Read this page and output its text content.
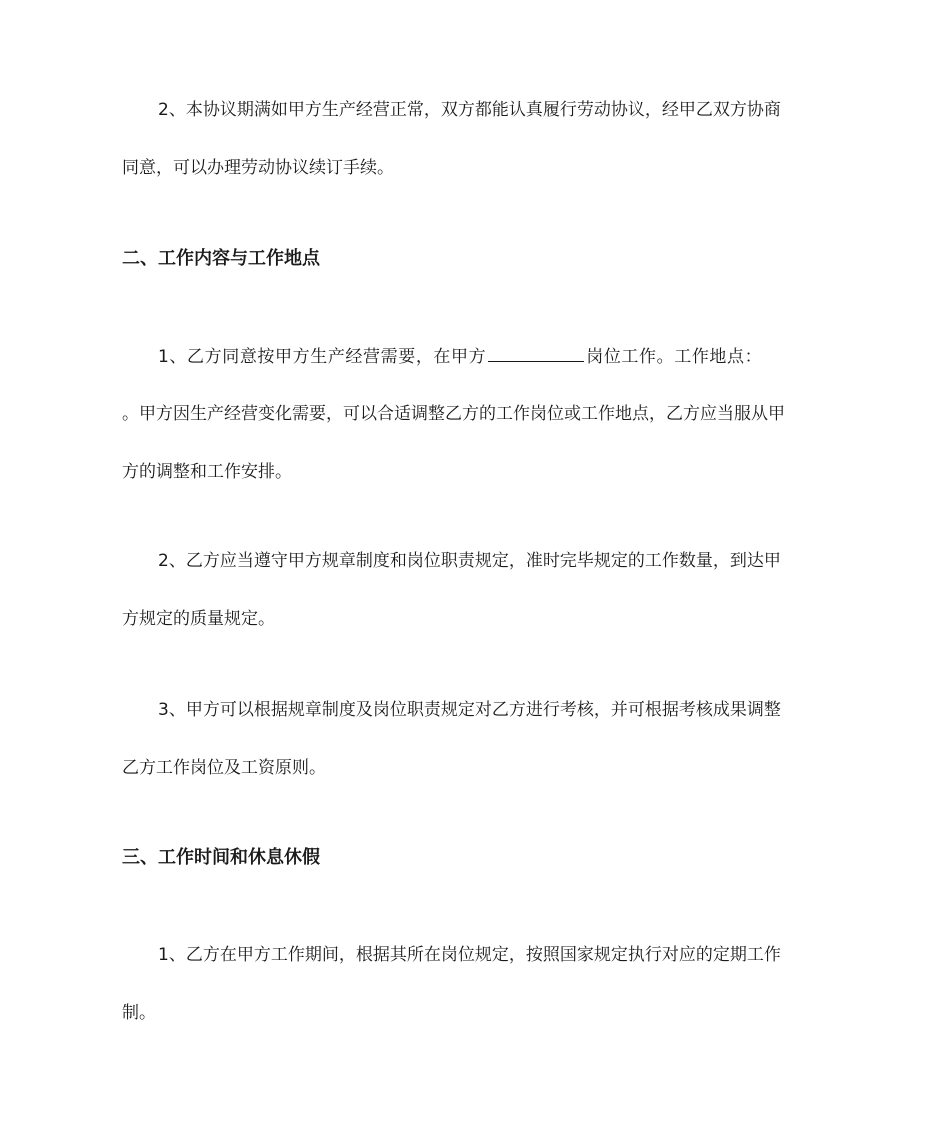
2、本协议期满如甲方生产经营正常，双方都能认真履行劳动协议，经甲乙双方协商
同意，可以办理劳动协议续订手续。
二、工作内容与工作地点
1、乙方同意按甲方生产经营需要，在甲方	岗位工作。工作地点：
。甲方因生产经营变化需要，可以合适调整乙方的工作岗位或工作地点，乙方应当服从甲
方的调整和工作安排。
2、乙方应当遵守甲方规章制度和岗位职责规定，准时完毕规定的工作数量，到达甲
方规定的质量规定。
3、甲方可以根据规章制度及岗位职责规定对乙方进行考核，并可根据考核成果调整
乙方工作岗位及工资原则。
三、工作时间和休息休假
1、乙方在甲方工作期间，根据其所在岗位规定，按照国家规定执行对应的定期工作
制。
